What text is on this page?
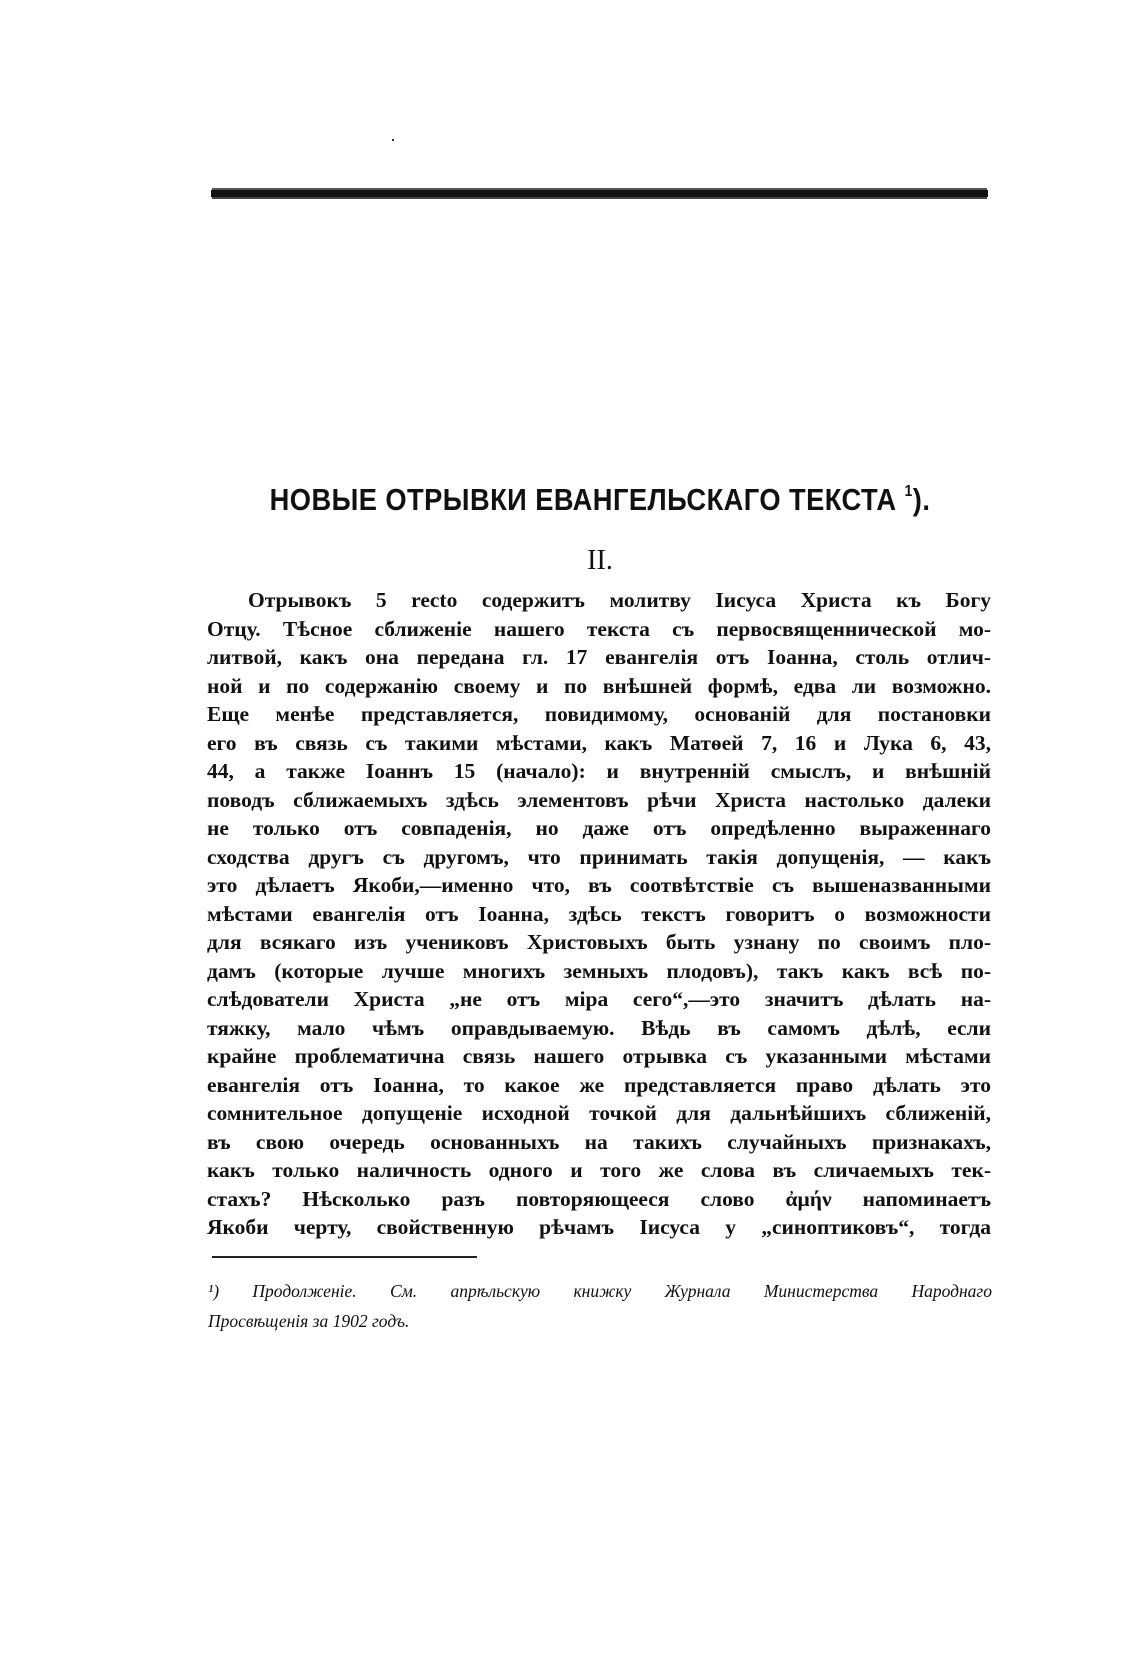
НОВЫЕ ОТРЫВКИ ЕВАНГЕЛЬСКАГО ТЕКСТА $^1$).
II.
Отрывокъ 5 recto содержитъ молитву Іисуса Христа къ Богу
Отцу. Тѣсное сближеніе нашего текста съ первосвященнической мо-
литвой, какъ она передана гл. 17 евангелія отъ Іоанна, столь отлич-
ной и по содержанію своему и по внѣшней формѣ, едва ли возможно.
Еще менѣе представляется, повидимому, основаній для постановки
его въ связь съ такими мѣстами, какъ Матѳей 7, 16 и Лука 6, 43,
44, а также Іоаннъ 15 (начало): и внутренній смыслъ, и внѣшній
поводъ сближаемыхъ здѣсь элементовъ рѣчи Христа настолько далеки
не только отъ совпаденія, но даже отъ опредѣленно выраженнаго
сходства другъ съ другомъ, что принимать такія допущенія, — какъ
это дѣлаетъ Якоби,—именно что, въ соотвѣтствіе съ вышеназванными
мѣстами евангелія отъ Іоанна, здѣсь текстъ говоритъ о возможности
для всякаго изъ учениковъ Христовыхъ быть узнану по своимъ пло-
дамъ (которые лучше многихъ земныхъ плодовъ), такъ какъ всѣ по-
слѣдователи Христа „не отъ міра сего“,—это значитъ дѣлать на-
тяжку, мало чѣмъ оправдываемую. Вѣдь въ самомъ дѣлѣ, если
крайне проблематична связь нашего отрывка съ указанными мѣстами
евангелія отъ Іоанна, то какое же представляется право дѣлать это
сомнительное допущеніе исходной точкой для дальнѣйшихъ сближеній,
въ свою очередь основанныхъ на такихъ случайныхъ признакахъ,
какъ только наличность одного и того же слова въ сличаемыхъ тек-
стахъ? Нѣсколько разъ повторяющееся слово ἀμήν напоминаетъ
Якоби черту, свойственную рѣчамъ Іисуса у „синоптиковъ“, тогда
¹) Продолженіе. См. апрѣльскую книжку Журнала Министерства Народнаго
Просвѣщенія за 1902 годъ.
